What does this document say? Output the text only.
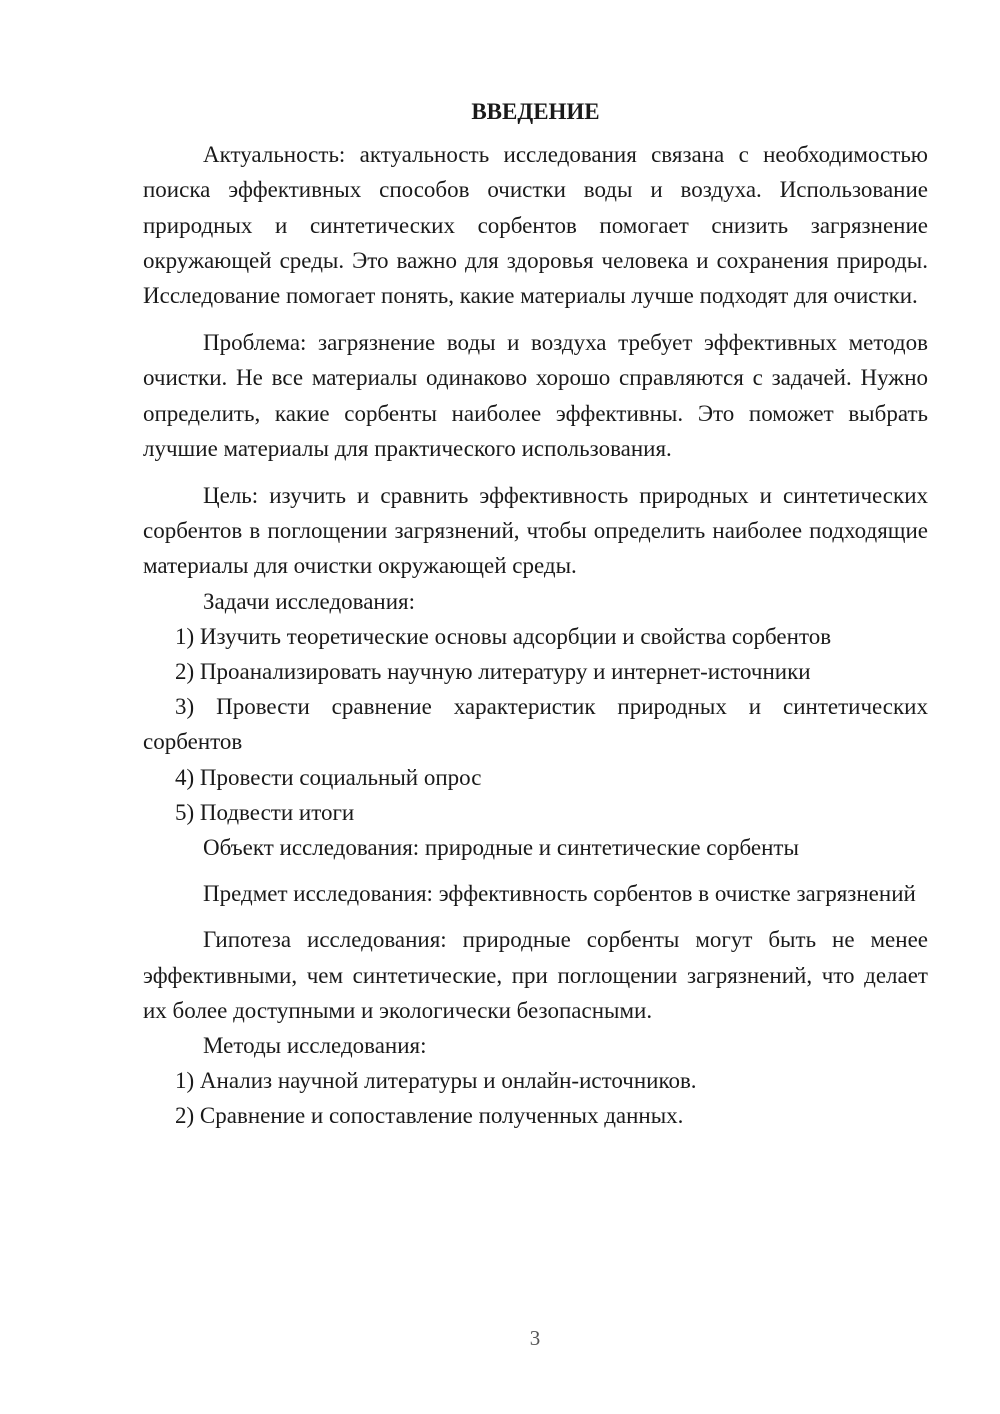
ВВЕДЕНИЕ

Актуальность: актуальность исследования связана с необходимостью поиска эффективных способов очистки воды и воздуха. Использование природных и синтетических сорбентов помогает снизить загрязнение окружающей среды. Это важно для здоровья человека и сохранения природы. Исследование помогает понять, какие материалы лучше подходят для очистки.

Проблема: загрязнение воды и воздуха требует эффективных методов очистки. Не все материалы одинаково хорошо справляются с задачей. Нужно определить, какие сорбенты наиболее эффективны. Это поможет выбрать лучшие материалы для практического использования.

Цель: изучить и сравнить эффективность природных и синтетических сорбентов в поглощении загрязнений, чтобы определить наиболее подходящие материалы для очистки окружающей среды.

Задачи исследования:

1) Изучить теоретические основы адсорбции и свойства сорбентов

2) Проанализировать научную литературу и интернет-источники

3) Провести сравнение характеристик природных и синтетических сорбентов

4) Провести социальный опрос

5) Подвести итоги

Объект исследования: природные и синтетические сорбенты

Предмет исследования: эффективность сорбентов в очистке загрязнений

Гипотеза исследования: природные сорбенты могут быть не менее эффективными, чем синтетические, при поглощении загрязнений, что делает их более доступными и экологически безопасными.

Методы исследования:

1) Анализ научной литературы и онлайн-источников.

2) Сравнение и сопоставление полученных данных.

3
